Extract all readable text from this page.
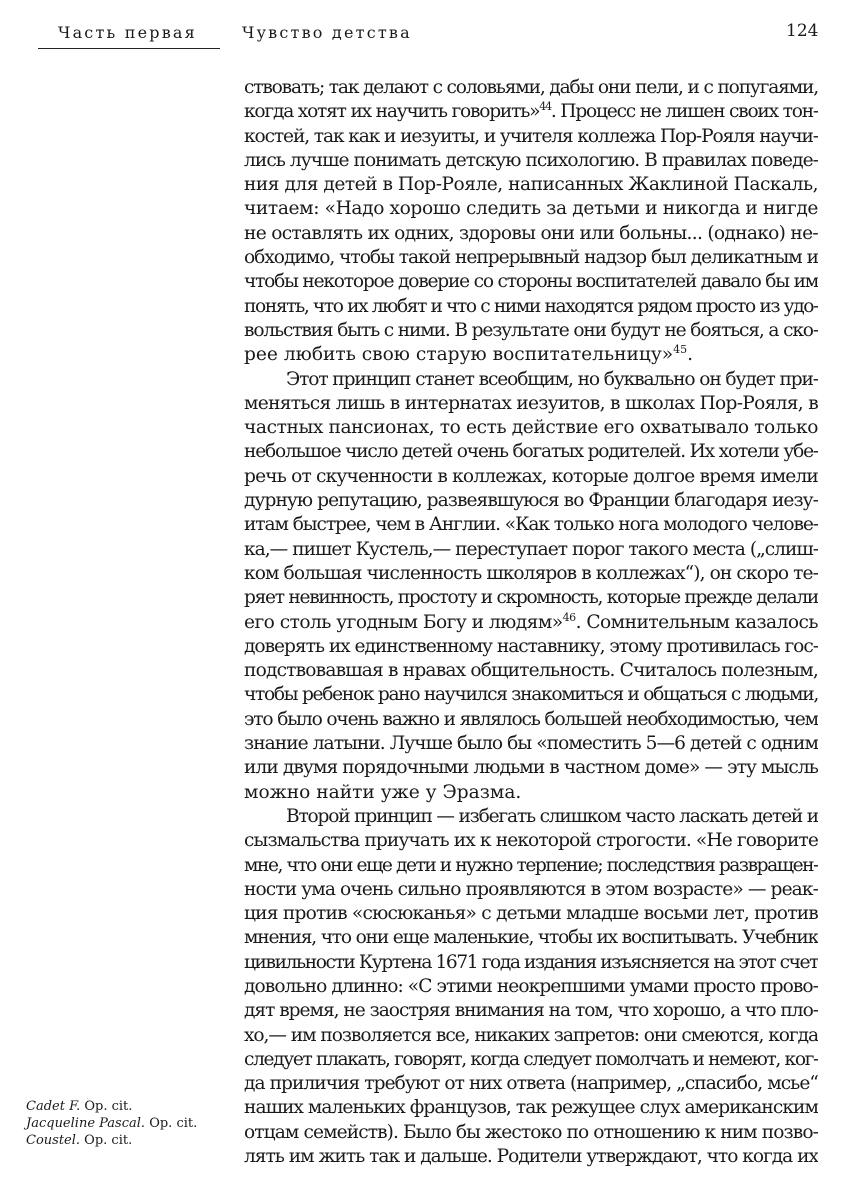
Часть первая	Чувство детства	124
ствовать; так делают с соловьями, дабы они пели, и с попугаями,
когда хотят их научить говорить»$^{44}$. Процесс не лишен своих тон-
костей, так как и иезуиты, и учителя коллежа Пор-Рояля научи-
лись лучше понимать детскую психологию. В правилах поведе-
ния для детей в Пор-Рояле, написанных Жаклиной Паскаль,
читаем: «Надо хорошо следить за детьми и никогда и нигде
не оставлять их одних, здоровы они или больны... (однако) не-
обходимо, чтобы такой непрерывный надзор был деликатным и
чтобы некоторое доверие со стороны воспитателей давало бы им
понять, что их любят и что с ними находятся рядом просто из удо-
вольствия быть с ними. В результате они будут не бояться, а ско-
рее любить свою старую воспитательницу»$^{45}$.
Этот принцип станет всеобщим, но буквально он будет при-
меняться лишь в интернатах иезуитов, в школах Пор-Рояля, в
частных пансионах, то есть действие его охватывало только
небольшое число детей очень богатых родителей. Их хотели убе-
речь от скученности в коллежах, которые долгое время имели
дурную репутацию, развеявшуюся во Франции благодаря иезу-
итам быстрее, чем в Англии. «Как только нога молодого челове-
ка,— пишет Кустель,— переступает порог такого места („слиш-
ком большая численность школяров в коллежах“), он скоро те-
ряет невинность, простоту и скромность, которые прежде делали
его столь угодным Богу и людям»$^{46}$. Сомнительным казалось
доверять их единственному наставнику, этому противилась гос-
подствовавшая в нравах общительность. Считалось полезным,
чтобы ребенок рано научился знакомиться и общаться с людьми,
это было очень важно и являлось большей необходимостью, чем
знание латыни. Лучше было бы «поместить 5—6 детей с одним
или двумя порядочными людьми в частном доме» — эту мысль
можно найти уже у Эразма.
Второй принцип — избегать слишком часто ласкать детей и
сызмальства приучать их к некоторой строгости. «Не говорите
мне, что они еще дети и нужно терпение; последствия развращен-
ности ума очень сильно проявляются в этом возрасте» — реак-
ция против «сюсюканья» с детьми младше восьми лет, против
мнения, что они еще маленькие, чтобы их воспитывать. Учебник
цивильности Куртена 1671 года издания изъясняется на этот счет
довольно длинно: «С этими неокрепшими умами просто прово-
дят время, не заостряя внимания на том, что хорошо, а что пло-
хо,— им позволяется все, никаких запретов: они смеются, когда
следует плакать, говорят, когда следует помолчать и немеют, ког-
да приличия требуют от них ответа (например, „спасибо, мсье“
наших маленьких французов, так режущее слух американским
отцам семейств). Было бы жестоко по отношению к ним позво-
лять им жить так и дальше. Родители утверждают, что когда их
Cadet F. Op. cit.
Jacqueline Pascal. Op. cit.
Coustel. Op. cit.
